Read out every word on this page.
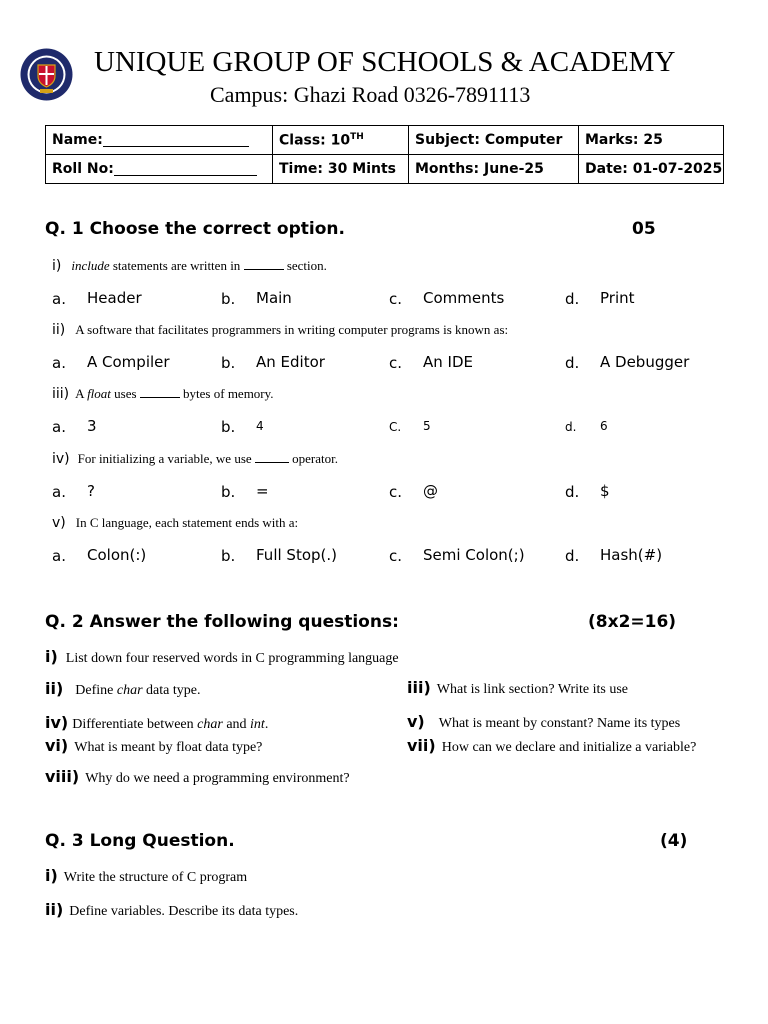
UNIQUE GROUP OF SCHOOLS & ACADEMY
Campus: Ghazi Road 0326-7891113
Name:	Class: 10TH	Subject: Computer	Marks: 25
Roll No:	Time: 30 Mints	Months: June-25	Date: 01-07-2025
Q. 1 Choose the correct option.	05
i) include statements are written in	section.
a. Header	b. Main	c. Comments	d. Print
ii) A software that facilitates programmers in writing computer programs is known as:
a. A Compiler	b. An Editor	c. An IDE	d. A Debugger
iii) A float uses	bytes of memory.
a. 3	b. 4	C. 5	d. 6
iv) For initializing a variable, we use	operator.
a. ?	b. =	c. @	d. $
v) In C language, each statement ends with a:
a. Colon(:)	b. Full Stop(.)	c. Semi Colon(;)	d. Hash(#)
Q. 2 Answer the following questions:	(8x2=16)
i) List down four reserved words in C programming language
ii) Define char data type.	iii) What is link section? Write its use
iv) Differentiate between char and int.	v) What is meant by constant? Name its types
vi) What is meant by float data type?	vii) How can we declare and initialize a variable?
viii) Why do we need a programming environment?
Q. 3 Long Question.	(4)
i) Write the structure of C program
ii) Define variables. Describe its data types.
